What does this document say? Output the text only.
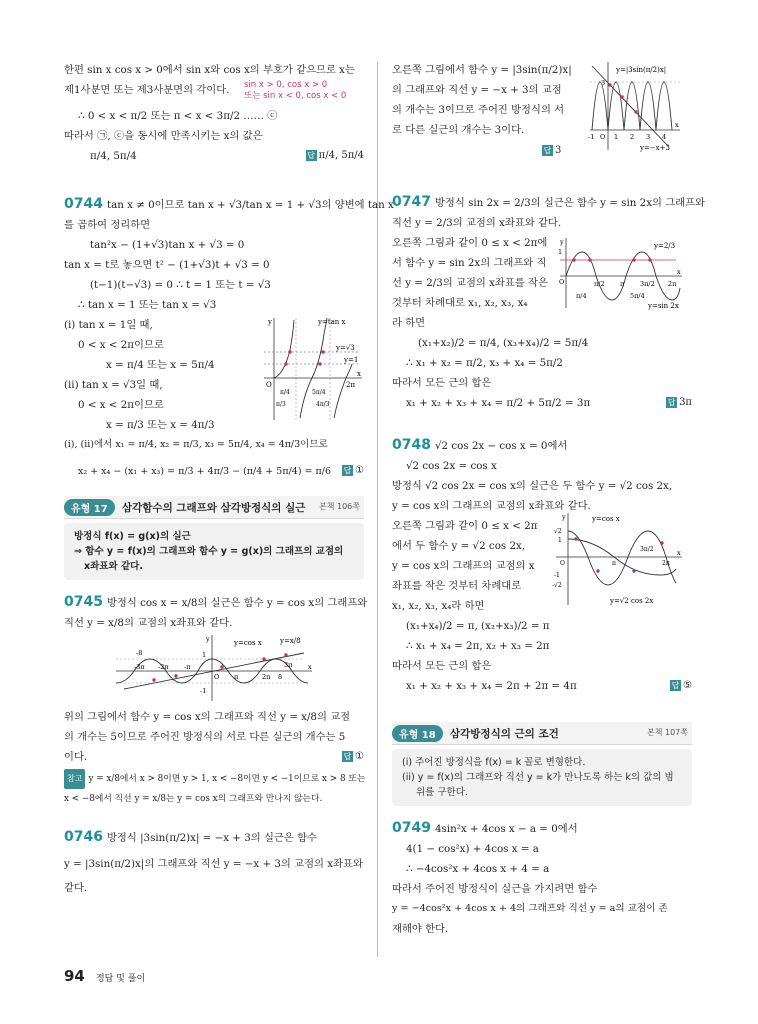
한편 sin x cos x > 0에서 sin x와 cos x의 부호가 같으므로 x는
제1사분면 또는 제3사분면의 각이다.	sin x > 0, cos x > 0
또는 sin x < 0, cos x < 0
∴ 0 < x < π/2 또는 π < x < 3π/2 …… ⓒ
따라서 ㉠, ⓒ을 동시에 만족시키는 x의 값은
π/4, 5π/4	답 π/4, 5π/4
0744 tan x ≠ 0이므로 tan x + √3/tan x = 1 + √3의 양변에 tan x
를 곱하여 정리하면
tan²x − (1+√3)tan x + √3 = 0
tan x = t로 놓으면 t² − (1+√3)t + √3 = 0
(t−1)(t−√3) = 0 ∴ t = 1 또는 t = √3
∴ tan x = 1 또는 tan x = √3
(i) tan x = 1일 때,
0 < x < 2π이므로
x = π/4 또는 x = 5π/4
(ii) tan x = √3일 때,
0 < x < 2π이므로
x = π/3 또는 x = 4π/3
(i), (ii)에서 x₁ = π/4, x₂ = π/3, x₃ = 5π/4, x₄ = 4π/3이므로
x₂ + x₄ − (x₁ + x₃) = π/3 + 4π/3 − (π/4 + 5π/4) = π/6 답 ①
y=tan x
y=√3
y=1
2π
O
π/4
π/3
5π/4
4π/3
y
x
유형 17	삼각함수의 그래프와 삼각방정식의 실근 본책 106쪽
방정식 f(x) = g(x)의 실근
⇒ 함수 y = f(x)의 그래프와 함수 y = g(x)의 그래프의 교점의
x좌표와 같다.
0745 방정식 cos x = x/8의 실근은 함수 y = cos x의 그래프와
직선 y = x/8의 교점의 x좌표와 같다.
y=cos x	y=x/8
-8
-3π -2π -π
O π	2π 8
3π
1
-1
y
x
위의 그림에서 함수 y = cos x의 그래프와 직선 y = x/8의 교점
의 개수는 5이므로 주어진 방정식의 서로 다른 실근의 개수는 5
이다.	답 ①
참고 y = x/8에서 x > 8이면 y > 1, x < −8이면 y < −1이므로 x > 8 또는
x < −8에서 직선 y = x/8는 y = cos x의 그래프와 만나지 않는다.
0746 방정식 |3sin(π/2)x| = −x + 3의 실근은 함수
y = |3sin(π/2)x|의 그래프와 직선 y = −x + 3의 교점의 x좌표와
같다.
오른쪽 그림에서 함수 y = |3sin(π/2)x|
의 그래프와 직선 y = −x + 3의 교점
의 개수는 3이므로 주어진 방정식의 서
로 다른 실근의 개수는 3이다.
답 3
y=|3sin(π/2)x|
y=−x+3
3
-1 O 1 2 3 4
x
0747 방정식 sin 2x = 2/3의 실근은 함수 y = sin 2x의 그래프와
직선 y = 2/3의 교점의 x좌표와 같다.
오른쪽 그림과 같이 0 ≤ x < 2π에
서 함수 y = sin 2x의 그래프와 직
선 y = 2/3의 교점의 x좌표를 작은
것부터 차례대로 x₁, x₂, x₃, x₄
라 하면
(x₁+x₂)/2 = π/4, (x₃+x₄)/2 = 5π/4
∴ x₁ + x₂ = π/2, x₃ + x₄ = 5π/2
따라서 모든 근의 합은
x₁ + x₂ + x₃ + x₄ = π/2 + 5π/2 = 3π	답 3π
y=2/3
y=sin 2x
1
O	π/2 π 3π/2 2π
π/4	5π/4
y
x
0748 √2 cos 2x − cos x = 0에서
√2 cos 2x = cos x
방정식 √2 cos 2x = cos x의 실근은 두 함수 y = √2 cos 2x,
y = cos x의 그래프의 교점의 x좌표와 같다.
오른쪽 그림과 같이 0 ≤ x < 2π
에서 두 함수 y = √2 cos 2x,
y = cos x의 그래프의 교점의 x
좌표를 작은 것부터 차례대로
x₁, x₂, x₃, x₄라 하면
(x₁+x₄)/2 = π, (x₂+x₃)/2 = π
∴ x₁ + x₄ = 2π, x₂ + x₃ = 2π
따라서 모든 근의 합은
x₁ + x₂ + x₃ + x₄ = 2π + 2π = 4π	답 ⑤
y=cos x
y=√2 cos 2x
√2
1
-1
-√2
O	π
3π/2
2π
y
x
유형 18	삼각방정식의 근의 조건	본책 107쪽
(i) 주어진 방정식을 f(x) = k 꼴로 변형한다.
(ii) y = f(x)의 그래프와 직선 y = k가 만나도록 하는 k의 값의 범
위를 구한다.
0749 4sin²x + 4cos x − a = 0에서
4(1 − cos²x) + 4cos x = a
∴ −4cos²x + 4cos x + 4 = a
따라서 주어진 방정식이 실근을 가지려면 함수
y = −4cos²x + 4cos x + 4의 그래프와 직선 y = a의 교점이 존
재해야 한다.
94 정답 및 풀이
